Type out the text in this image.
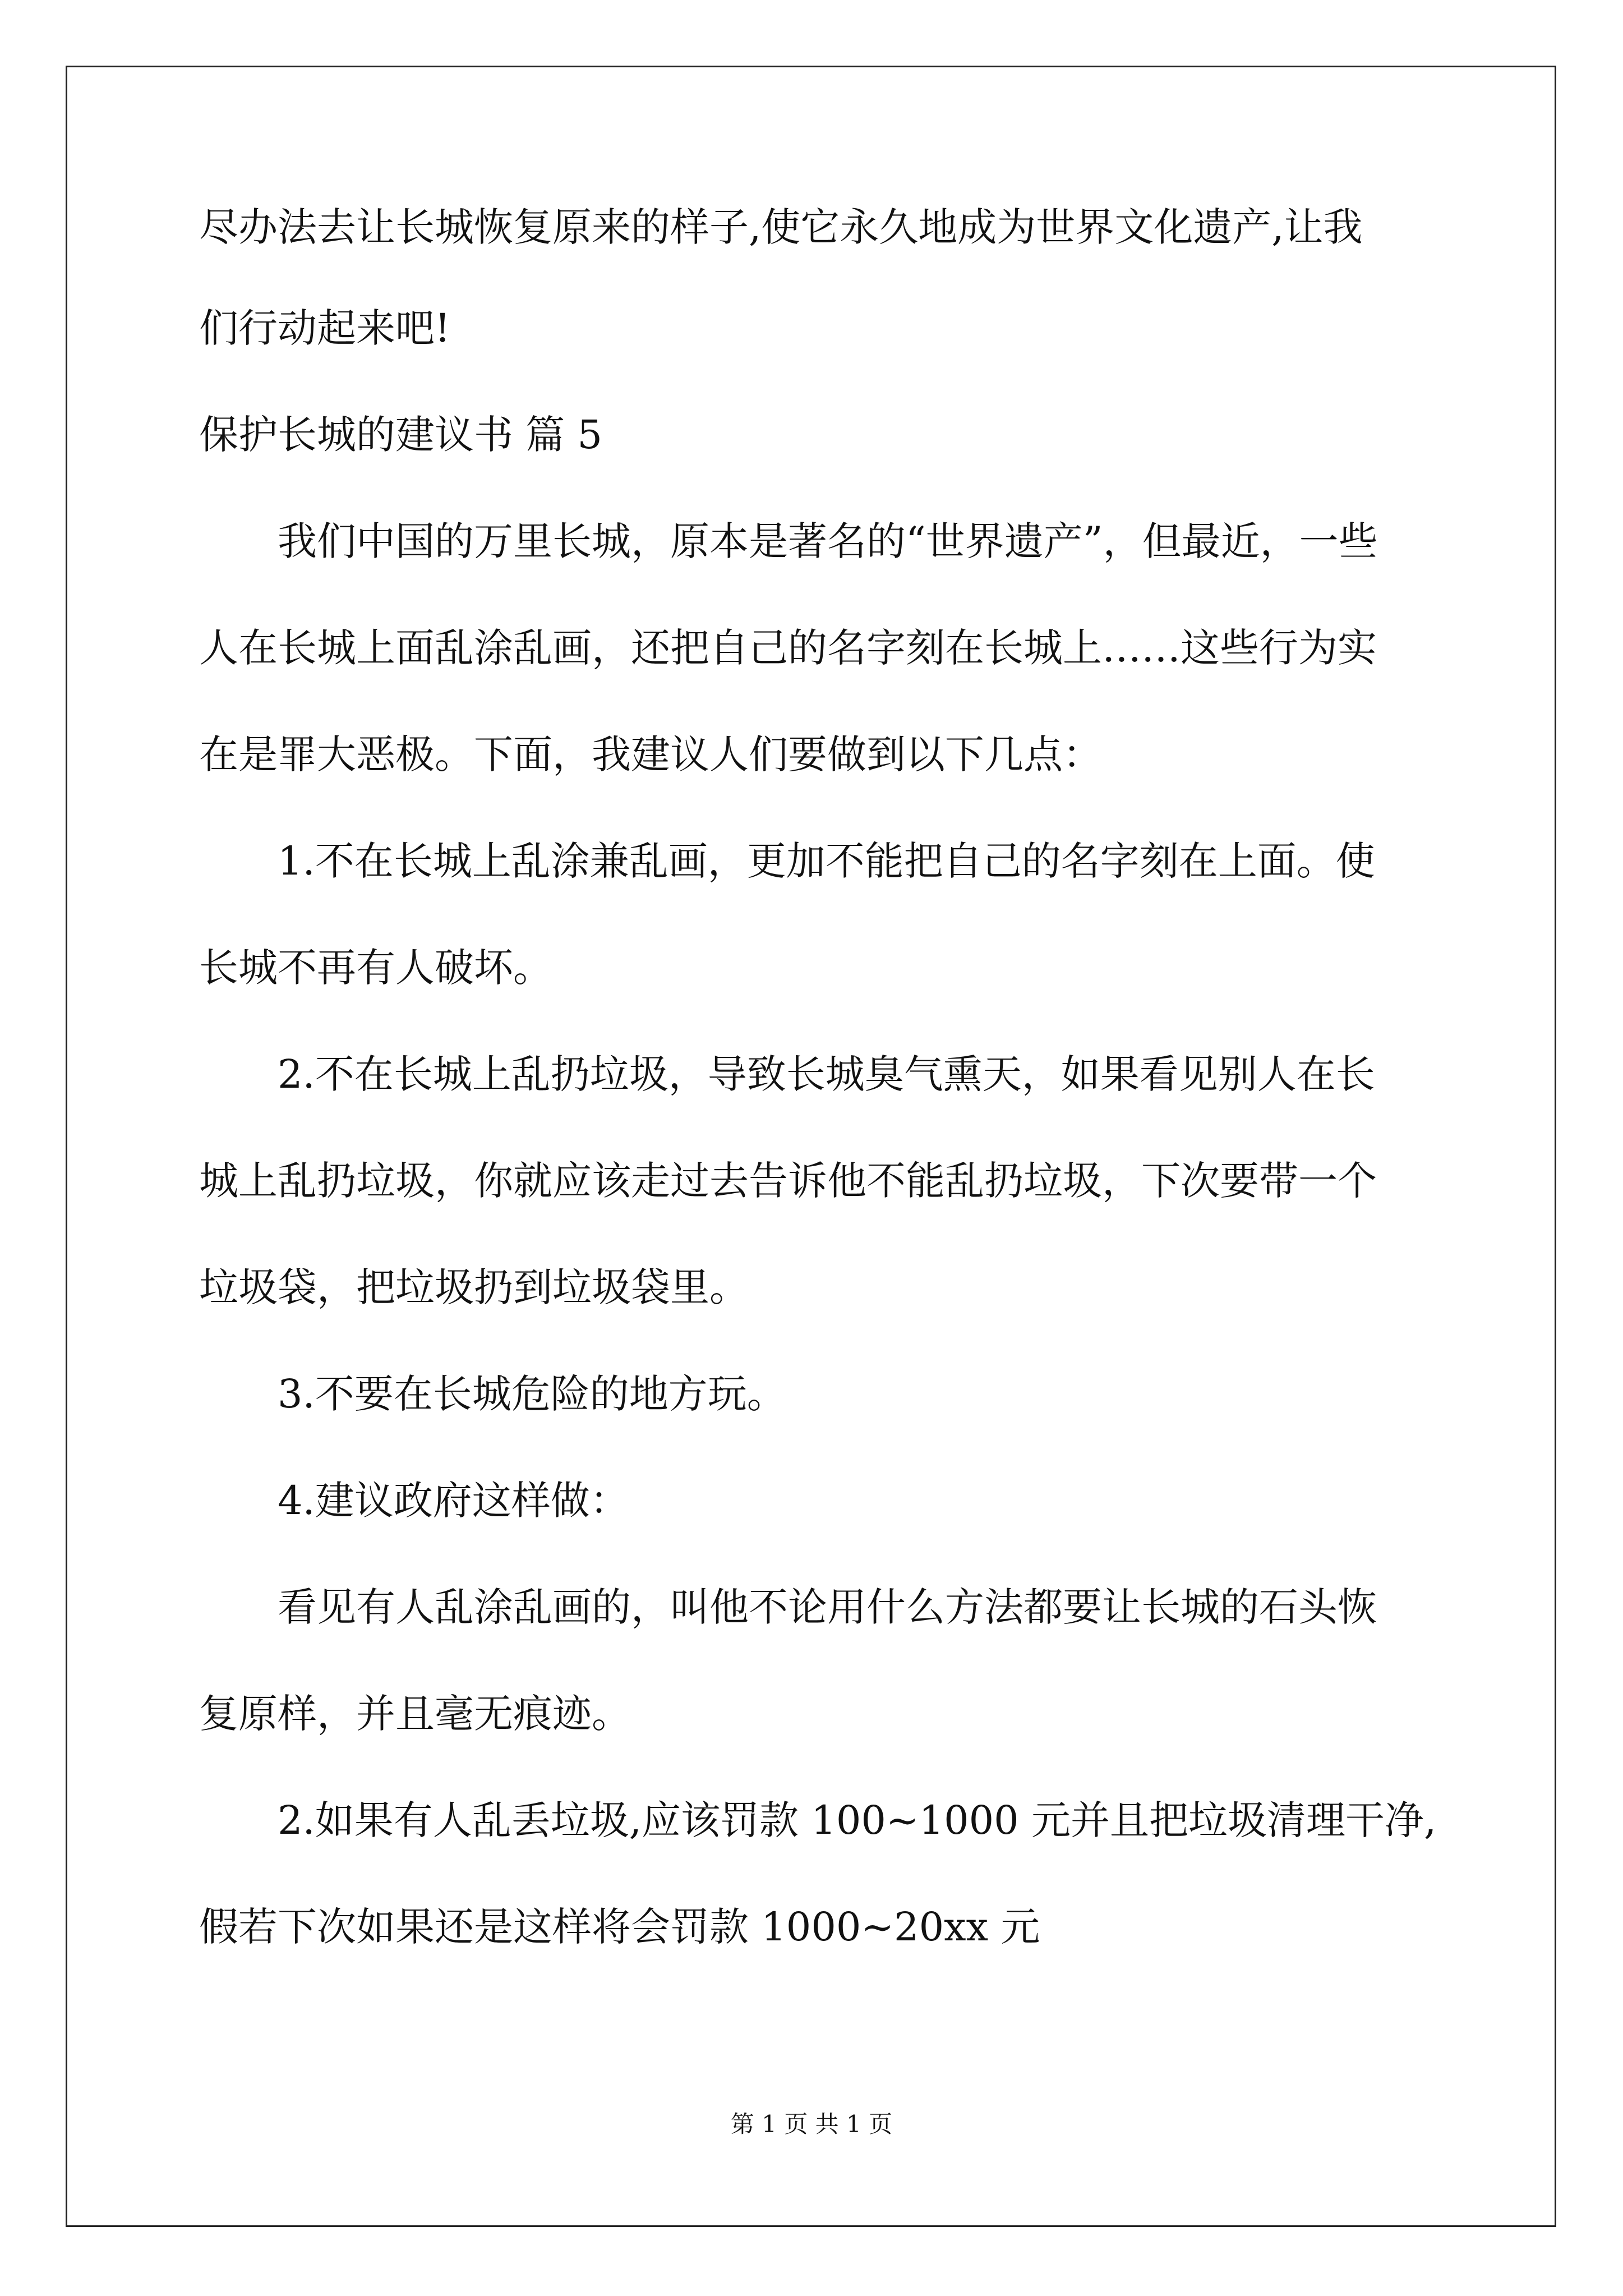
尽办法去让长城恢复原来的样子,使它永久地成为世界文化遗产,让我
们行动起来吧!
保护长城的建议书 篇 5
我们中国的万里长城，原本是著名的“世界遗产”，但最近，一些
人在长城上面乱涂乱画，还把自己的名字刻在长城上……这些行为实
在是罪大恶极。下面，我建议人们要做到以下几点：
1.不在长城上乱涂兼乱画，更加不能把自己的名字刻在上面。使
长城不再有人破坏。
2.不在长城上乱扔垃圾，导致长城臭气熏天，如果看见别人在长
城上乱扔垃圾，你就应该走过去告诉他不能乱扔垃圾，下次要带一个
垃圾袋，把垃圾扔到垃圾袋里。
3.不要在长城危险的地方玩。
4.建议政府这样做：
看见有人乱涂乱画的，叫他不论用什么方法都要让长城的石头恢
复原样，并且毫无痕迹。
2.如果有人乱丢垃圾,应该罚款 100~1000 元并且把垃圾清理干净,
假若下次如果还是这样将会罚款 1000~20xx 元
第 1 页 共 1 页
